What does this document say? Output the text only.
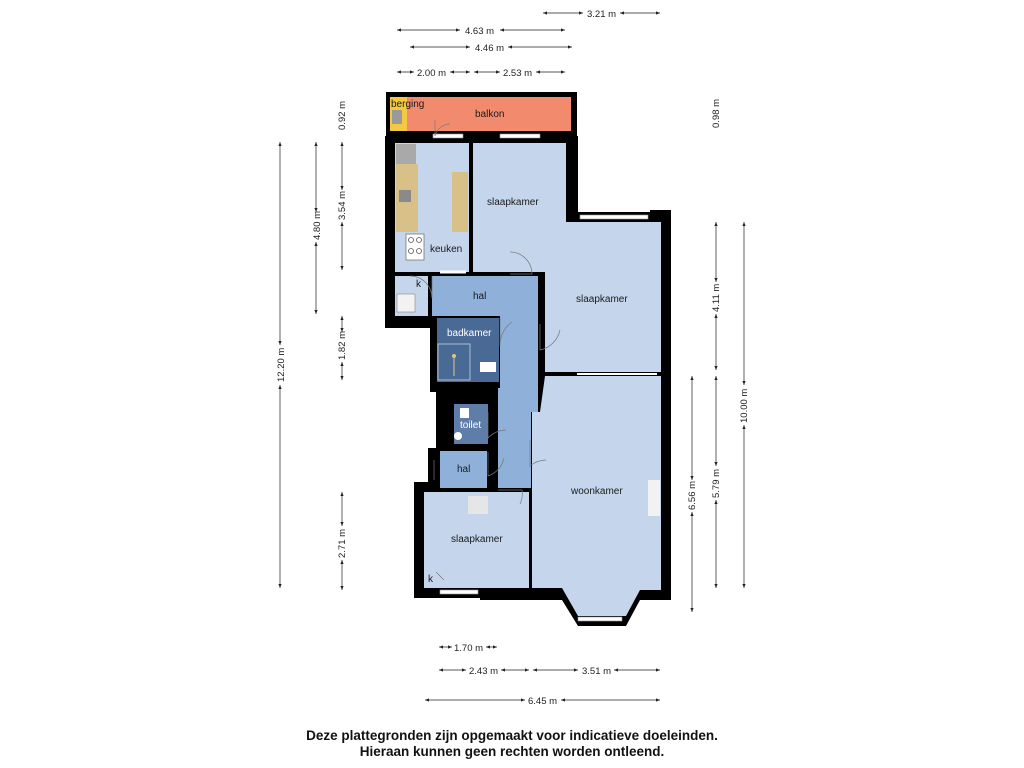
berging
balkon
keuken
slaapkamer
slaapkamer
hal
k
badkamer
toilet
hal
woonkamer
slaapkamer
k
3.21 m
4.63 m
4.46 m
2.00 m	2.53 m
0.92 m	0.98 m
12.20 m
4.80 m
3.54 m
1.82 m
2.71 m
4.11 m
10.00 m
6.56 m 5.79 m
1.70 m
2.43 m	3.51 m
6.45 m
Deze plattegronden zijn opgemaakt voor indicatieve doeleinden.
Hieraan kunnen geen rechten worden ontleend.
